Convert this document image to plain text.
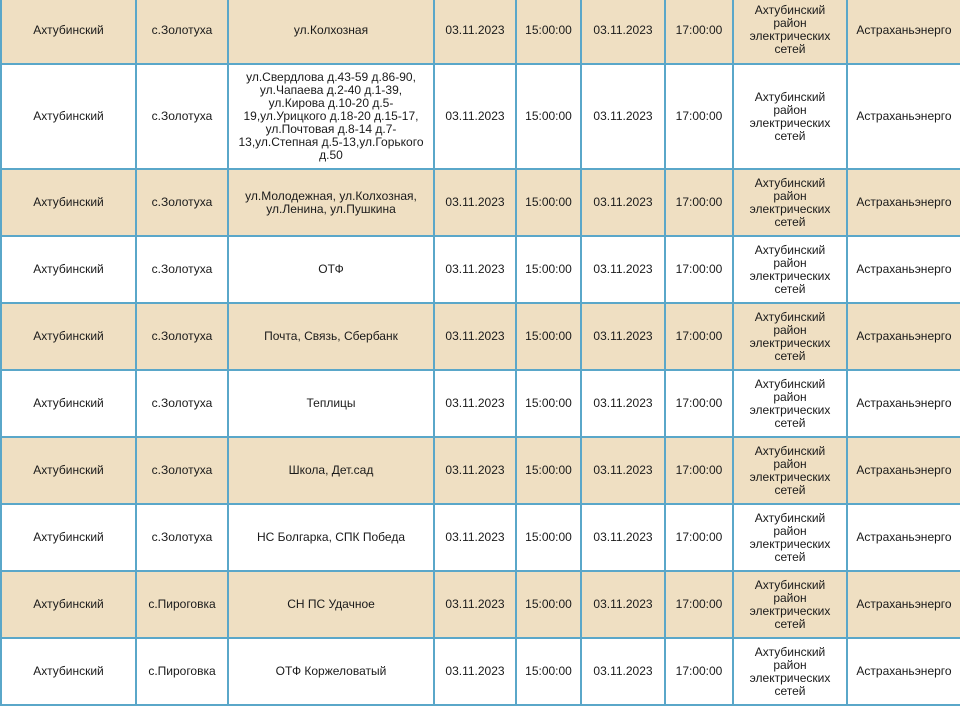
Ахтубинский	с.Золотуха	ул.Колхозная	03.11.2023	15:00:00	03.11.2023	17:00:00	Ахтубинский район электрических сетей	Астраханьэнерго
Ахтубинский	с.Золотуха	ул.Свердлова д.43-59 д.86-90, ул.Чапаева д.2-40 д.1-39, ул.Кирова д.10-20 д.5-19,ул.Урицкого д.18-20 д.15-17, ул.Почтовая д.8-14 д.7-13,ул.Степная д.5-13,ул.Горького д.50	03.11.2023	15:00:00	03.11.2023	17:00:00	Ахтубинский район электрических сетей	Астраханьэнерго
Ахтубинский	с.Золотуха	ул.Молодежная, ул.Колхозная, ул.Ленина, ул.Пушкина	03.11.2023	15:00:00	03.11.2023	17:00:00	Ахтубинский район электрических сетей	Астраханьэнерго
Ахтубинский	с.Золотуха	ОТФ	03.11.2023	15:00:00	03.11.2023	17:00:00	Ахтубинский район электрических сетей	Астраханьэнерго
Ахтубинский	с.Золотуха	Почта, Связь, Сбербанк	03.11.2023	15:00:00	03.11.2023	17:00:00	Ахтубинский район электрических сетей	Астраханьэнерго
Ахтубинский	с.Золотуха	Теплицы	03.11.2023	15:00:00	03.11.2023	17:00:00	Ахтубинский район электрических сетей	Астраханьэнерго
Ахтубинский	с.Золотуха	Школа, Дет.сад	03.11.2023	15:00:00	03.11.2023	17:00:00	Ахтубинский район электрических сетей	Астраханьэнерго
Ахтубинский	с.Золотуха	НС Болгарка, СПК Победа	03.11.2023	15:00:00	03.11.2023	17:00:00	Ахтубинский район электрических сетей	Астраханьэнерго
Ахтубинский	с.Пироговка	СН ПС Удачное	03.11.2023	15:00:00	03.11.2023	17:00:00	Ахтубинский район электрических сетей	Астраханьэнерго
Ахтубинский	с.Пироговка	ОТФ Коржеловатый	03.11.2023	15:00:00	03.11.2023	17:00:00	Ахтубинский район электрических сетей	Астраханьэнерго
